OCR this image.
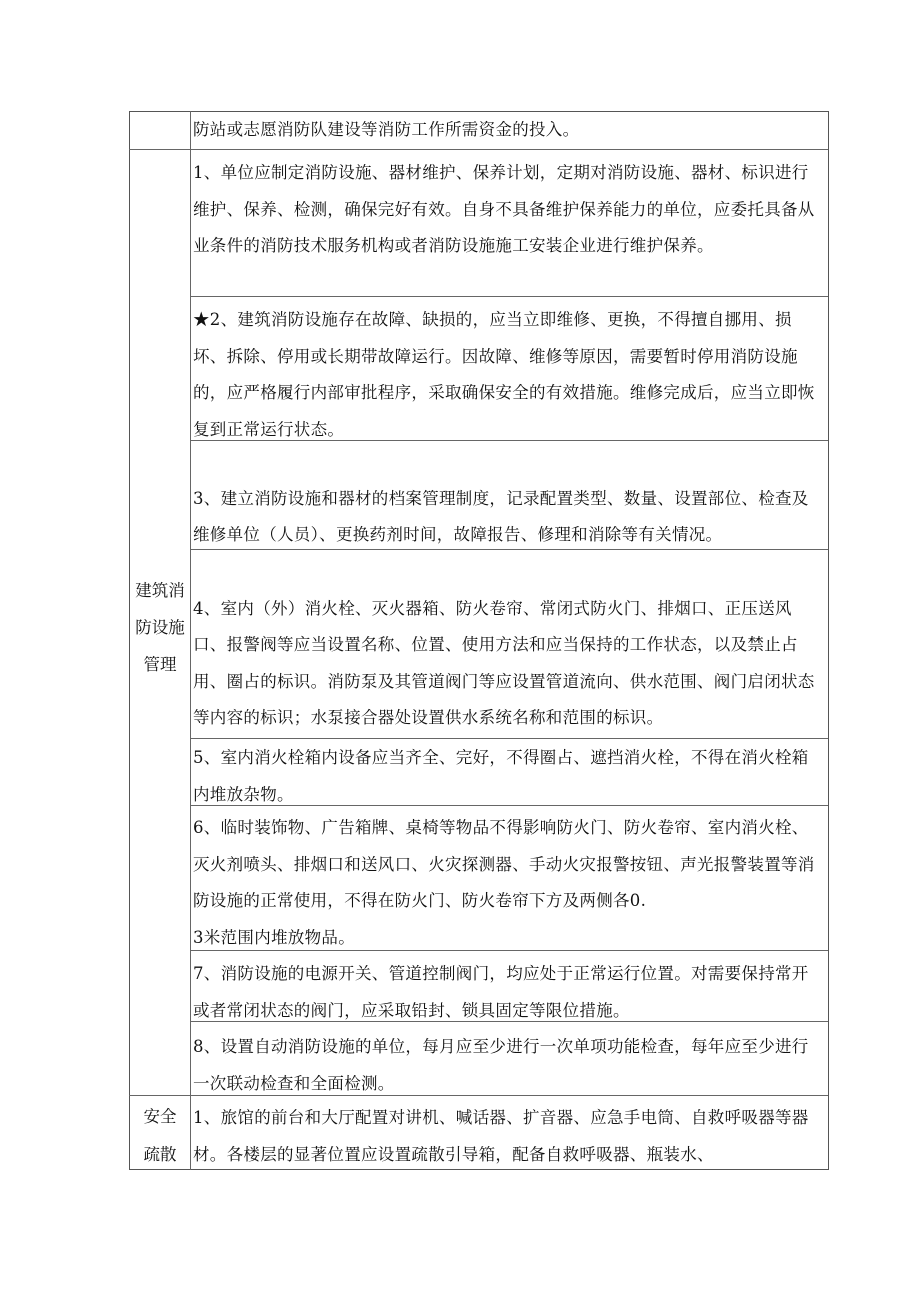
建筑消
防设施
管理
安全
疏散
防站或志愿消防队建设等消防工作所需资金的投入。
1、单位应制定消防设施、器材维护、保养计划，定期对消防设施、器材、标识进行
维护、保养、检测，确保完好有效。自身不具备维护保养能力的单位，应委托具备从
业条件的消防技术服务机构或者消防设施施工安装企业进行维护保养。
★2、建筑消防设施存在故障、缺损的，应当立即维修、更换，不得擅自挪用、损
坏、拆除、停用或长期带故障运行。因故障、维修等原因，需要暂时停用消防设施
的，应严格履行内部审批程序，采取确保安全的有效措施。维修完成后，应当立即恢
复到正常运行状态。
3、建立消防设施和器材的档案管理制度，记录配置类型、数量、设置部位、检查及
维修单位（人员）、更换药剂时间，故障报告、修理和消除等有关情况。
4、室内（外）消火栓、灭火器箱、防火卷帘、常闭式防火门、排烟口、正压送风
口、报警阀等应当设置名称、位置、使用方法和应当保持的工作状态，以及禁止占
用、圈占的标识。消防泵及其管道阀门等应设置管道流向、供水范围、阀门启闭状态
等内容的标识；水泵接合器处设置供水系统名称和范围的标识。
5、室内消火栓箱内设备应当齐全、完好，不得圈占、遮挡消火栓，不得在消火栓箱
内堆放杂物。
6、临时装饰物、广告箱牌、桌椅等物品不得影响防火门、防火卷帘、室内消火栓、
灭火剂喷头、排烟口和送风口、火灾探测器、手动火灾报警按钮、声光报警装置等消
防设施的正常使用，不得在防火门、防火卷帘下方及两侧各0.
3米范围内堆放物品。
7、消防设施的电源开关、管道控制阀门，均应处于正常运行位置。对需要保持常开
或者常闭状态的阀门，应采取铅封、锁具固定等限位措施。
8、设置自动消防设施的单位，每月应至少进行一次单项功能检查，每年应至少进行
一次联动检查和全面检测。
1、旅馆的前台和大厅配置对讲机、喊话器、扩音器、应急手电筒、自救呼吸器等器
材。各楼层的显著位置应设置疏散引导箱，配备自救呼吸器、瓶装水、
